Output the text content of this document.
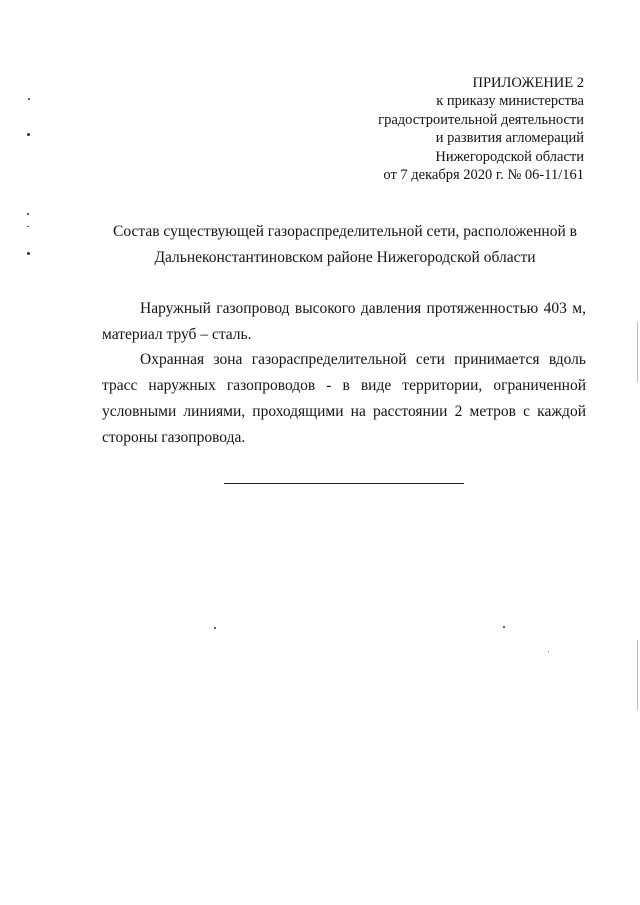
ПРИЛОЖЕНИЕ 2
к приказу министерства
градостроительной деятельности
и развития агломераций
Нижегородской области
от 7 декабря 2020 г. № 06-11/161
Состав существующей газораспределительной сети, расположенной в
Дальнеконстантиновском районе Нижегородской области
Наружный газопровод высокого давления протяженностью 403 м, материал труб – сталь.
Охранная зона газораспределительной сети принимается вдоль трасс наружных газопроводов - в виде территории, ограниченной условными линиями, проходящими на расстоянии 2 метров с каждой стороны газопровода.
